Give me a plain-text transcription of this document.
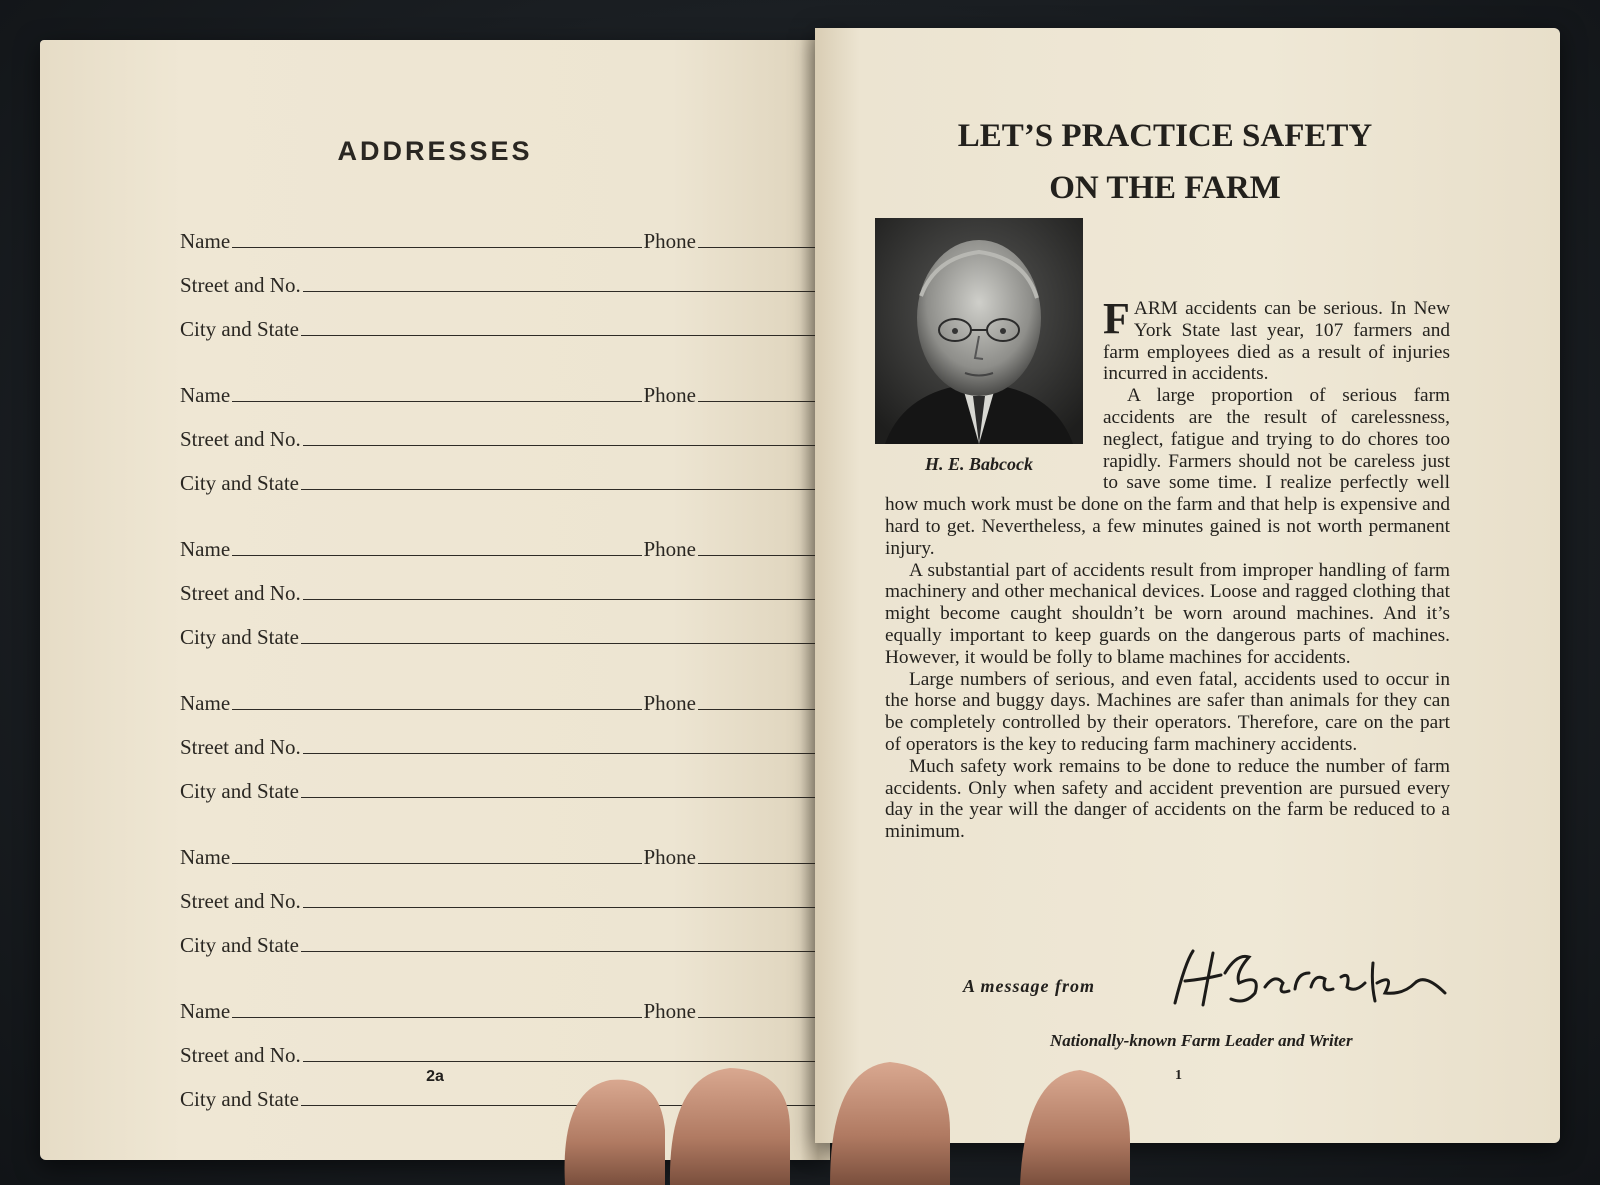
ADDRESSES
Name	Phone
Street and No.
City and State
Name	Phone
Street and No.
City and State
Name	Phone
Street and No.
City and State
Name	Phone
Street and No.
City and State
Name	Phone
Street and No.
City and State
Name	Phone
Street and No.
City and State
2a
LET’S PRACTICE SAFETY
ON THE FARM
H. E. Babcock

FARM accidents can be serious. In New York State last year, 107 farmers and farm employees died as a result of injuries incurred in accidents.

A large proportion of serious farm accidents are the result of carelessness, neglect, fatigue and trying to do chores too rapidly. Farmers should not be careless just to save some time. I realize perfectly well how much work must be done on the farm and that help is expensive and hard to get. Nevertheless, a few minutes gained is not worth permanent injury.

A substantial part of accidents result from improper handling of farm machinery and other mechanical devices. Loose and ragged clothing that might become caught shouldn’t be worn around machines. And it’s equally important to keep guards on the dangerous parts of machines. However, it would be folly to blame machines for accidents.

Large numbers of serious, and even fatal, accidents used to occur in the horse and buggy days. Machines are safer than animals for they can be completely controlled by their operators. Therefore, care on the part of operators is the key to reducing farm machinery accidents.

Much safety work remains to be done to reduce the number of farm accidents. Only when safety and accident prevention are pursued every day in the year will the danger of accidents on the farm be reduced to a minimum.

A message from
Nationally-known Farm Leader and Writer
1
